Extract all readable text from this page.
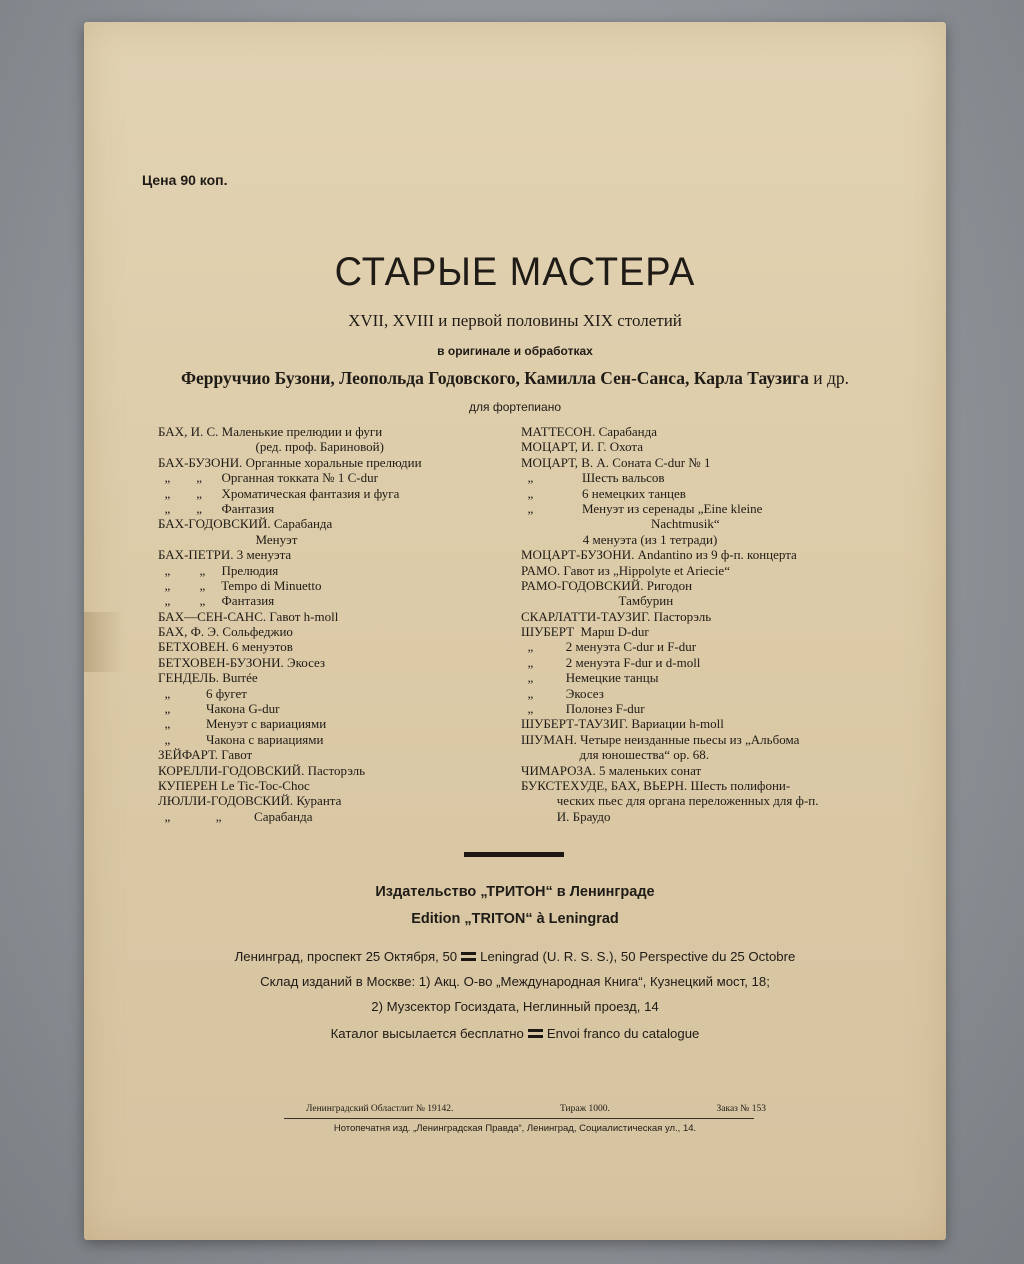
Цена 90 коп.
СТАРЫЕ МАСТЕРА
XVII, XVIII и первой половины XIX столетий
в оригинале и обработках
Ферруччио Бузони, Леопольда Годовского, Камилла Сен-Санса, Карла Таузига и др.
для фортепиано
БАХ, И. С. Маленькие прелюдии и фуги
(ред. проф. Бариновой)
БАХ-БУЗОНИ. Органные хоральные прелюдии
„        „      Органная токката № 1 C-dur
„        „      Хроматическая фантазия и фуга
„        „      Фантазия
БАХ-ГОДОВСКИЙ. Сарабанда
Менуэт
БАХ-ПЕТРИ. 3 менуэта
„         „     Прелюдия
„         „     Tempo di Minuetto
„         „     Фантазия
БАХ—СЕН-САНС. Гавот h-moll
БАХ, Ф. Э. Сольфеджио
БЕТХОВЕН. 6 менуэтов
БЕТХОВЕН-БУЗОНИ. Экосез
ГЕНДЕЛЬ. Burrée
„           6 фугет
„           Чакона G-dur
„           Менуэт с вариациями
„           Чакона с вариациями
ЗЕЙФАРТ. Гавот
КОРЕЛЛИ-ГОДОВСКИЙ. Пасторэль
КУПЕРЕН Le Tic-Toc-Choc
ЛЮЛЛИ-ГОДОВСКИЙ. Куранта
„              „          Сарабанда
МАТТЕСОН. Сарабанда
МОЦАРТ, И. Г. Охота
МОЦАРТ, В. А. Соната C-dur № 1
„               Шесть вальсов
„               6 немецких танцев
„               Менуэт из серенады „Eine kleine
Nachtmusik“
4 менуэта (из 1 тетради)
МОЦАРТ-БУЗОНИ. Andantino из 9 ф-п. концерта
РАМО. Гавот из „Hippolyte et Ariecie“
РАМО-ГОДОВСКИЙ. Ригодон
Тамбурин
СКАРЛАТТИ-ТАУЗИГ. Пасторэль
ШУБЕРТ  Марш D-dur
„          2 менуэта C-dur и F-dur
„          2 менуэта F-dur и d-moll
„          Немецкие танцы
„          Экосез
„          Полонез F-dur
ШУБЕРТ-ТАУЗИГ. Вариации h-moll
ШУМАН. Четыре неизданные пьесы из „Альбома
для юношества“ ор. 68.
ЧИМАРОЗА. 5 маленьких сонат
БУКСТЕХУДЕ, БАХ, ВЬЕРН. Шесть полифони-
ческих пьес для органа переложенных для ф-п.
И. Браудо
Издательство „ТРИТОН“ в Ленинграде
Edition „TRITON“ à Leningrad
Ленинград, проспект 25 Октября, 50 Leningrad (U. R. S. S.), 50 Perspective du 25 Octobre
Склад изданий в Москве: 1) Акц. О-во „Международная Книга“, Кузнецкий мост, 18;
2) Музсектор Госиздата, Неглинный проезд, 14
Каталог высылается бесплатно Envoi franco du catalogue
Ленинградский Областлит № 19142.	Тираж 1000.	Заказ № 153
Нотопечатня изд. „Ленинградская Правда“, Ленинград, Социалистическая ул., 14.
